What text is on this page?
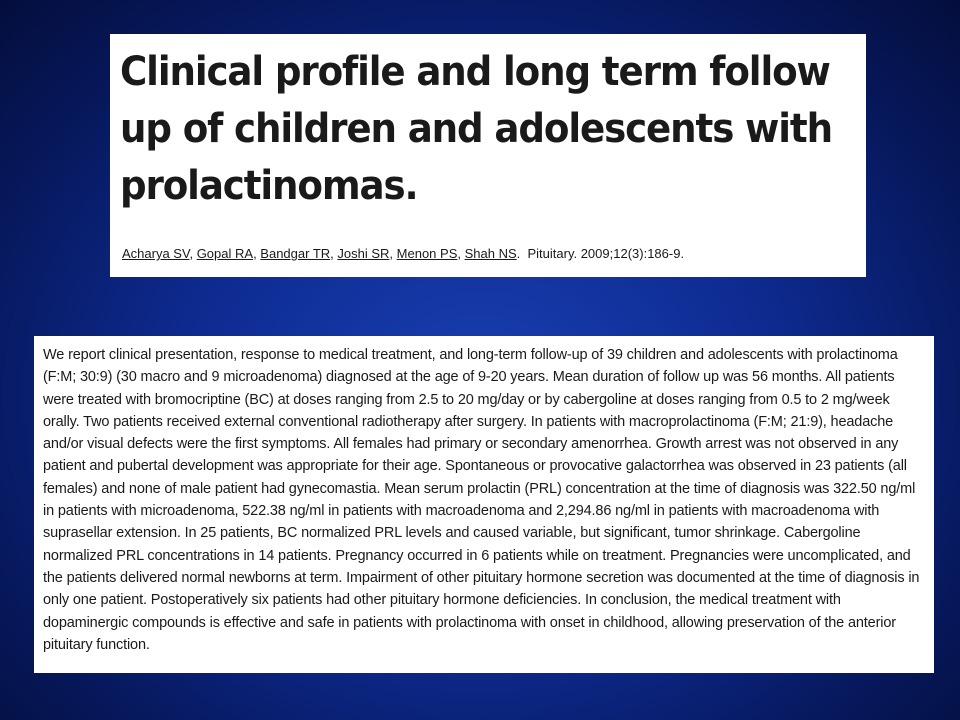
Clinical profile and long term follow up of children and adolescents with prolactinomas.
Acharya SV, Gopal RA, Bandgar TR, Joshi SR, Menon PS, Shah NS.  Pituitary. 2009;12(3):186-9.

We report clinical presentation, response to medical treatment, and long-term follow-up of 39 children and adolescents with prolactinoma (F:M; 30:9) (30 macro and 9 microadenoma) diagnosed at the age of 9-20 years. Mean duration of follow up was 56 months. All patients were treated with bromocriptine (BC) at doses ranging from 2.5 to 20 mg/day or by cabergoline at doses ranging from 0.5 to 2 mg/week orally. Two patients received external conventional radiotherapy after surgery. In patients with macroprolactinoma (F:M; 21:9), headache and/or visual defects were the first symptoms. All females had primary or secondary amenorrhea. Growth arrest was not observed in any patient and pubertal development was appropriate for their age. Spontaneous or provocative galactorrhea was observed in 23 patients (all females) and none of male patient had gynecomastia. Mean serum prolactin (PRL) concentration at the time of diagnosis was 322.50 ng/ml in patients with microadenoma, 522.38 ng/ml in patients with macroadenoma and 2,294.86 ng/ml in patients with macroadenoma with suprasellar extension. In 25 patients, BC normalized PRL levels and caused variable, but significant, tumor shrinkage. Cabergoline normalized PRL concentrations in 14 patients. Pregnancy occurred in 6 patients while on treatment. Pregnancies were uncomplicated, and the patients delivered normal newborns at term. Impairment of other pituitary hormone secretion was documented at the time of diagnosis in only one patient. Postoperatively six patients had other pituitary hormone deficiencies. In conclusion, the medical treatment with dopaminergic compounds is effective and safe in patients with prolactinoma with onset in childhood, allowing preservation of the anterior pituitary function.
